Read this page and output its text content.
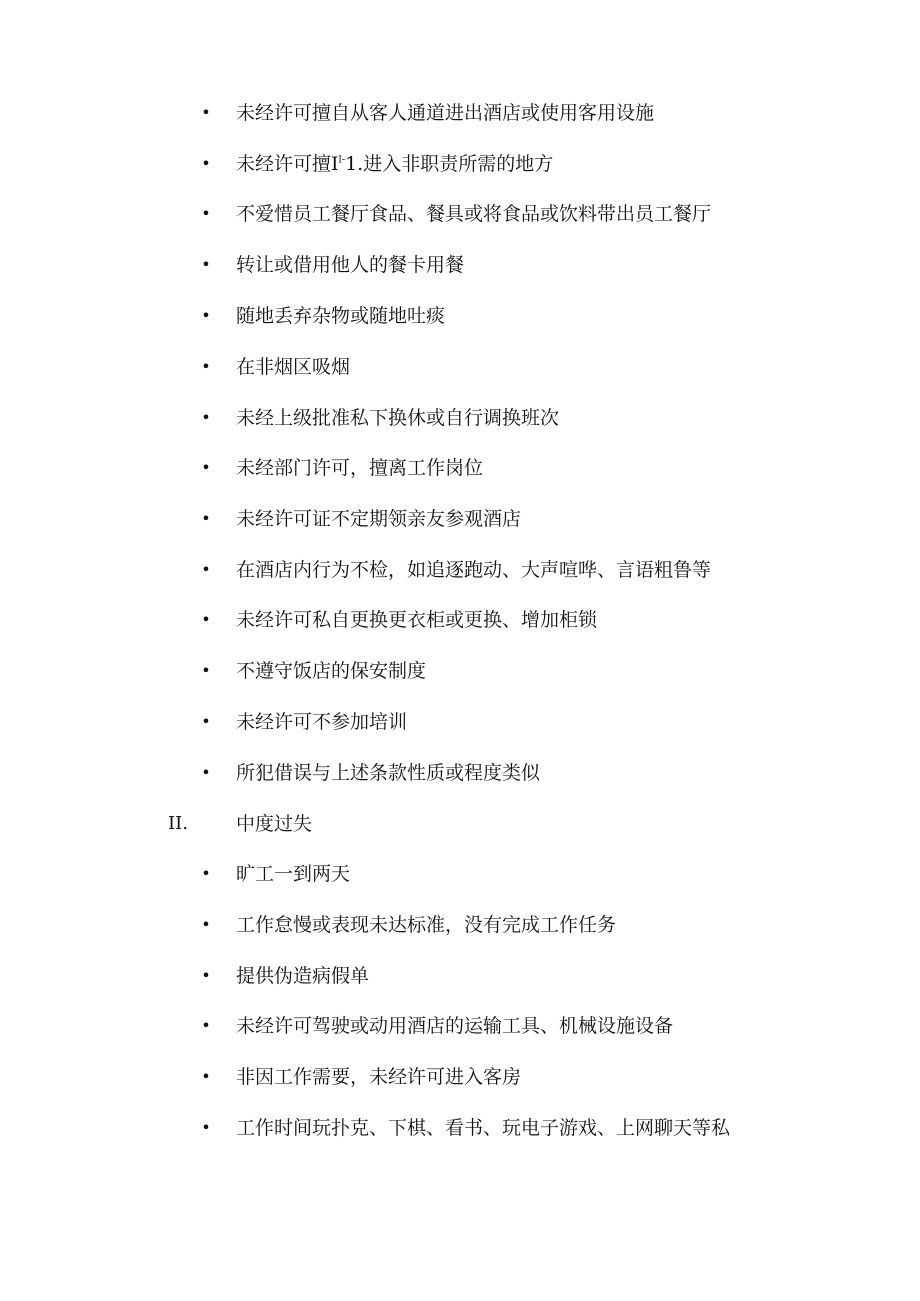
• 未经许可擅自从客人通道进出酒店或使用客用设施
• 未经许可擅$I^{l-}1$.进入非职责所需的地方
• 不爱惜员工餐厅食品、餐具或将食品或饮料带出员工餐厅
• 转让或借用他人的餐卡用餐
• 随地丢弃杂物或随地吐痰
• 在非烟区吸烟
• 未经上级批准私下换休或自行调换班次
• 未经部门许可，擅离工作岗位
• 未经许可证不定期领亲友参观酒店
• 在酒店内行为不检，如追逐跑动、大声喧哗、言语粗鲁等
• 未经许可私自更换更衣柜或更换、增加柜锁
• 不遵守饭店的保安制度
• 未经许可不参加培训
• 所犯借误与上述条款性质或程度类似
II.	中度过失
• 旷工一到两天
• 工作怠慢或表现未达标准，没有完成工作任务
• 提供伪造病假单
• 未经许可驾驶或动用酒店的运输工具、机械设施设备
• 非因工作需要，未经许可进入客房
• 工作时间玩扑克、下棋、看书、玩电子游戏、上网聊天等私
